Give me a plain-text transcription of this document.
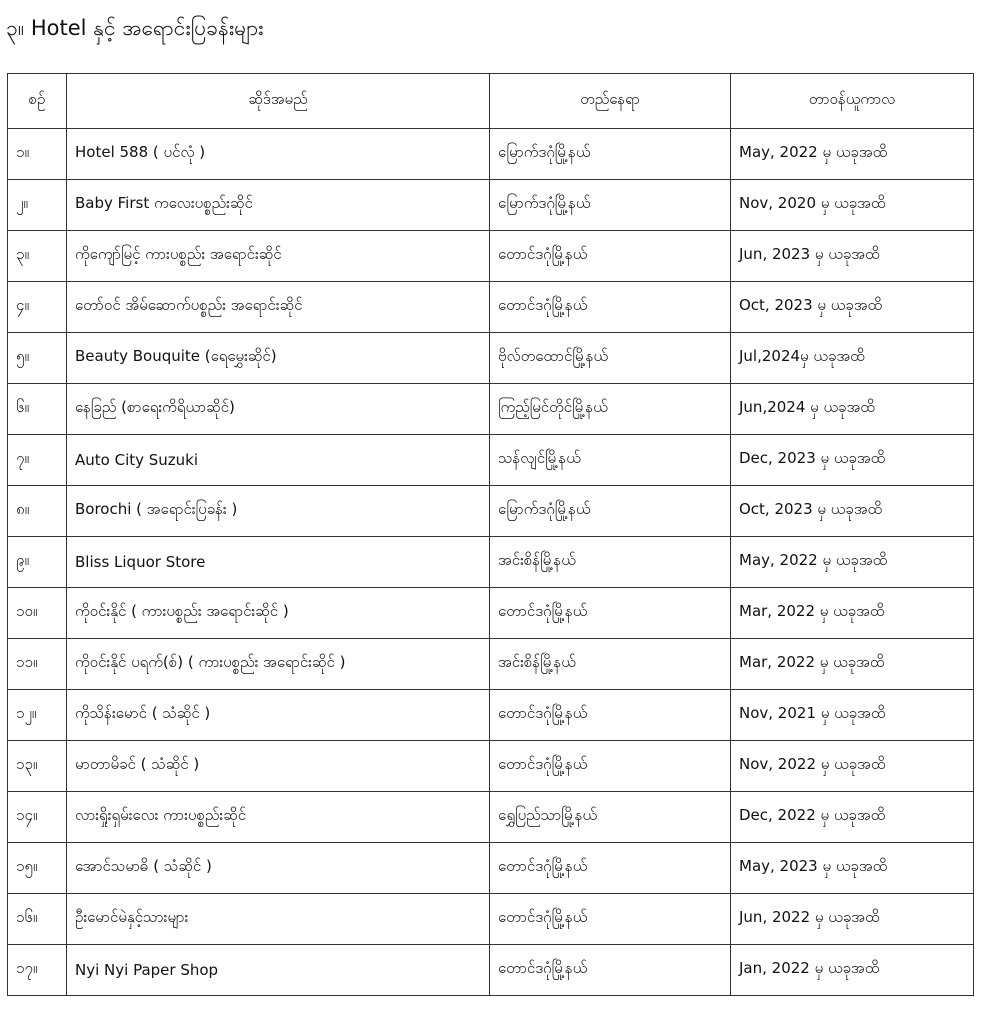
၃။ Hotel နှင့် အရောင်းပြခန်းများ
စဉ်	ဆိုဒ်အမည်	တည်နေရာ	တာဝန်ယူကာလ
၁။	Hotel 588 ( ပင်လုံ )	မြောက်ဒဂုံမြို့နယ်	May, 2022 မှ ယခုအထိ
၂။	Baby First ကလေးပစ္စည်းဆိုင်	မြောက်ဒဂုံမြို့နယ်	Nov, 2020 မှ ယခုအထိ
၃။	ကိုကျော်မြင့် ကားပစ္စည်း အရောင်းဆိုင်	တောင်ဒဂုံမြို့နယ်	Jun, 2023 မှ ယခုအထိ
၄။	တော်ဝင် အိမ်ဆောက်ပစ္စည်း အရောင်းဆိုင်	တောင်ဒဂုံမြို့နယ်	Oct, 2023 မှ ယခုအထိ
၅။	Beauty Bouquite (ရေမွှေးဆိုင်)	ဗိုလ်တထောင်မြို့နယ်	Jul,2024မှ ယခုအထိ
၆။	နေခြည် (စာရေးကိရိယာဆိုင်)	ကြည့်မြင်တိုင်မြို့နယ်	Jun,2024 မှ ယခုအထိ
၇။	Auto City Suzuki	သန်လျင်မြို့နယ်	Dec, 2023 မှ ယခုအထိ
၈။	Borochi ( အရောင်းပြခန်း )	မြောက်ဒဂုံမြို့နယ်	Oct, 2023 မှ ယခုအထိ
၉။	Bliss Liquor Store	အင်းစိန်မြို့နယ်	May, 2022 မှ ယခုအထိ
၁၀။	ကိုဝင်းနိုင် ( ကားပစ္စည်း အရောင်းဆိုင် )	တောင်ဒဂုံမြို့နယ်	Mar, 2022 မှ ယခုအထိ
၁၁။	ကိုဝင်းနိုင် ပရက်(စ်) ( ကားပစ္စည်း အရောင်းဆိုင် )	အင်းစိန်မြို့နယ်	Mar, 2022 မှ ယခုအထိ
၁၂။	ကိုသိန်းမောင် ( သံဆိုင် )	တောင်ဒဂုံမြို့နယ်	Nov, 2021 မှ ယခုအထိ
၁၃။	မာတာမိခင် ( သံဆိုင် )	တောင်ဒဂုံမြို့နယ်	Nov, 2022 မှ ယခုအထိ
၁၄။	လားရှိုးရှမ်းလေး ကားပစ္စည်းဆိုင်	ရွှေပြည်သာမြို့နယ်	Dec, 2022 မှ ယခုအထိ
၁၅။	အောင်သမာဓိ ( သံဆိုင် )	တောင်ဒဂုံမြို့နယ်	May, 2023 မှ ယခုအထိ
၁၆။	ဦးမောင်မဲနှင့်သားများ	တောင်ဒဂုံမြို့နယ်	Jun, 2022 မှ ယခုအထိ
၁၇။	Nyi Nyi Paper Shop	တောင်ဒဂုံမြို့နယ်	Jan, 2022 မှ ယခုအထိ
